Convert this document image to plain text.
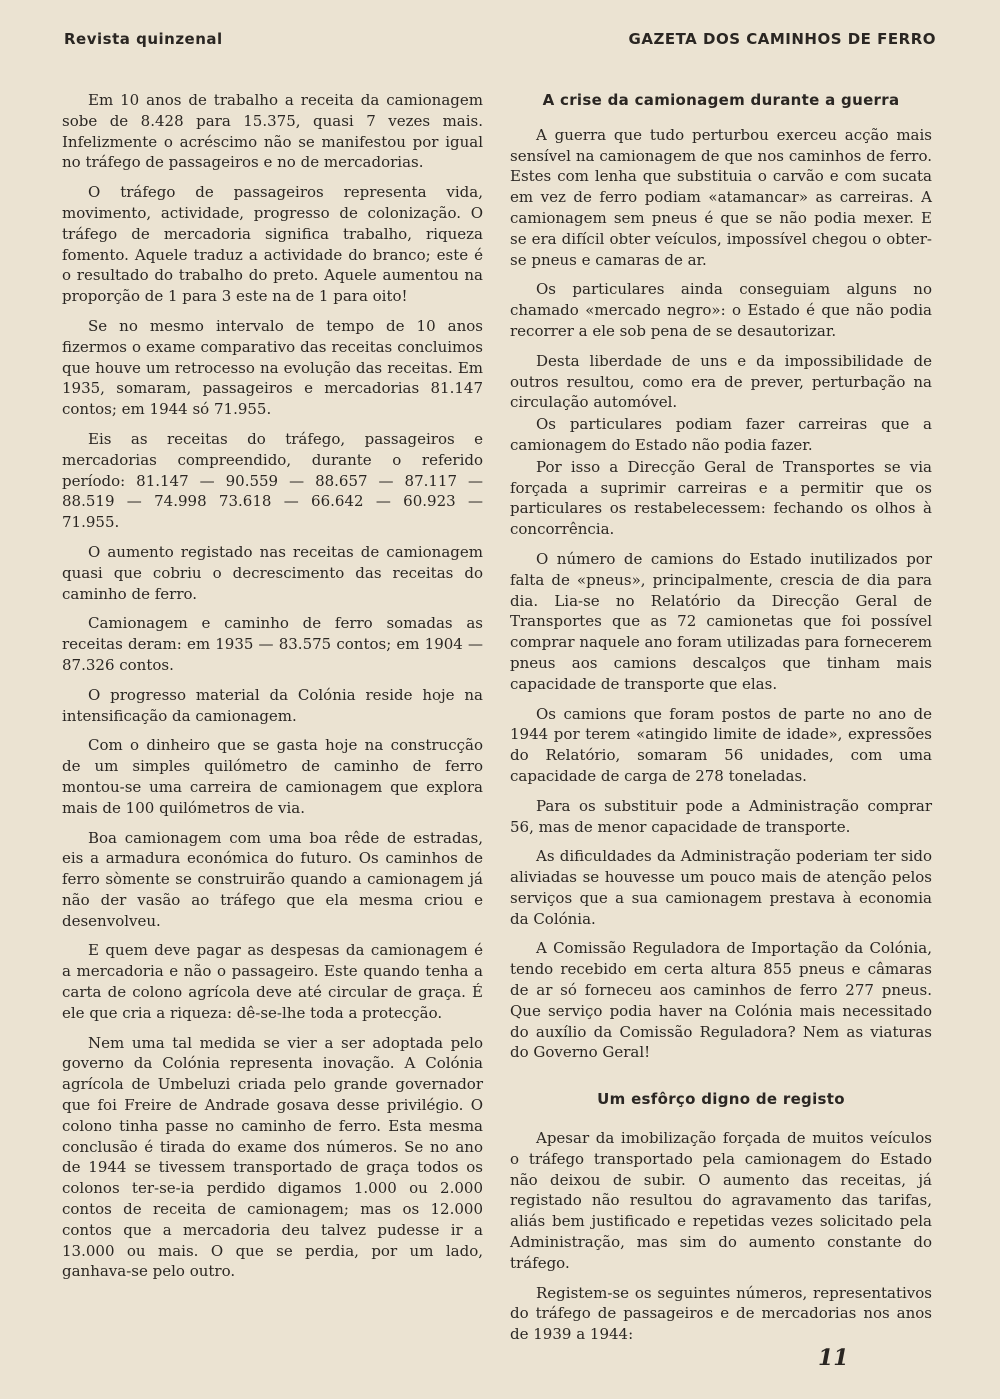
Revista quinzenal	GAZETA DOS CAMINHOS DE FERRO

Em 10 anos de trabalho a receita da camionagem sobe de 8.428 para 15.375, quasi 7 vezes mais. Infelizmente o acréscimo não se manifestou por igual no tráfego de passageiros e no de mercadorias.

O tráfego de passageiros representa vida, movimento, actividade, progresso de colonização. O tráfego de mercadoria significa trabalho, riqueza fomento. Aquele traduz a actividade do branco; este é o resultado do trabalho do preto. Aquele aumentou na proporção de 1 para 3 este na de 1 para oito!

Se no mesmo intervalo de tempo de 10 anos fizermos o exame comparativo das receitas concluimos que houve um retrocesso na evolução das receitas. Em 1935, somaram, passageiros e mercadorias 81.147 contos; em 1944 só 71.955.

Eis as receitas do tráfego, passageiros e mercadorias compreendido, durante o referido período: 81.147 — 90.559 — 88.657 — 87.117 — 88.519 — 74.998 73.618 — 66.642 — 60.923 — 71.955.

O aumento registado nas receitas de camionagem quasi que cobriu o decrescimento das receitas do caminho de ferro.

Camionagem e caminho de ferro somadas as receitas deram: em 1935 — 83.575 contos; em 1904 — 87.326 contos.

O progresso material da Colónia reside hoje na intensificação da camionagem.

Com o dinheiro que se gasta hoje na construcção de um simples quilómetro de caminho de ferro montou-se uma carreira de camionagem que explora mais de 100 quilómetros de via.

Boa camionagem com uma boa rêde de estradas, eis a armadura económica do futuro. Os caminhos de ferro sòmente se construirão quando a camionagem já não der vasão ao tráfego que ela mesma criou e desenvolveu.

E quem deve pagar as despesas da camionagem é a mercadoria e não o passageiro. Este quando tenha a carta de colono agrícola deve até circular de graça. É ele que cria a riqueza: dê-se-lhe toda a protecção.

Nem uma tal medida se vier a ser adoptada pelo governo da Colónia representa inovação. A Colónia agrícola de Umbeluzi criada pelo grande governador que foi Freire de Andrade gosava desse privilégio. O colono tinha passe no caminho de ferro. Esta mesma conclusão é tirada do exame dos números. Se no ano de 1944 se tivessem transportado de graça todos os colonos ter-se-ia perdido digamos 1.000 ou 2.000 contos de receita de camionagem; mas os 12.000 contos que a mercadoria deu talvez pudesse ir a 13.000 ou mais. O que se perdia, por um lado, ganhava-se pelo outro.

A crise da camionagem durante a guerra

A guerra que tudo perturbou exerceu acção mais sensível na camionagem de que nos caminhos de ferro. Estes com lenha que substituia o carvão e com sucata em vez de ferro podiam «atamancar» as carreiras. A camionagem sem pneus é que se não podia mexer. E se era difícil obter veículos, impossível chegou o obter-se pneus e camaras de ar.

Os particulares ainda conseguiam alguns no chamado «mercado negro»: o Estado é que não podia recorrer a ele sob pena de se desautorizar.

Desta liberdade de uns e da impossibilidade de outros resultou, como era de prever, perturbação na circulação automóvel.

Os particulares podiam fazer carreiras que a camionagem do Estado não podia fazer.

Por isso a Direcção Geral de Transportes se via forçada a suprimir carreiras e a permitir que os particulares os restabelecessem: fechando os olhos à concorrência.

O número de camions do Estado inutilizados por falta de «pneus», principalmente, crescia de dia para dia. Lia-se no Relatório da Direcção Geral de Transportes que as 72 camionetas que foi possível comprar naquele ano foram utilizadas para fornecerem pneus aos camions descalços que tinham mais capacidade de transporte que elas.

Os camions que foram postos de parte no ano de 1944 por terem «atingido limite de idade», expressões do Relatório, somaram 56 unidades, com uma capacidade de carga de 278 toneladas.

Para os substituir pode a Administração comprar 56, mas de menor capacidade de transporte.

As dificuldades da Administração poderiam ter sido aliviadas se houvesse um pouco mais de atenção pelos serviços que a sua camionagem prestava à economia da Colónia.

A Comissão Reguladora de Importação da Colónia, tendo recebido em certa altura 855 pneus e câmaras de ar só forneceu aos caminhos de ferro 277 pneus. Que serviço podia haver na Colónia mais necessitado do auxílio da Comissão Reguladora? Nem as viaturas do Governo Geral!

Um esfôrço digno de registo

Apesar da imobilização forçada de muitos veículos o tráfego transportado pela camionagem do Estado não deixou de subir. O aumento das receitas, já registado não resultou do agravamento das tarifas, aliás bem justificado e repetidas vezes solicitado pela Administração, mas sim do aumento constante do tráfego.

Registem-se os seguintes números, representativos do tráfego de passageiros e de mercadorias nos anos de 1939 a 1944:

11
